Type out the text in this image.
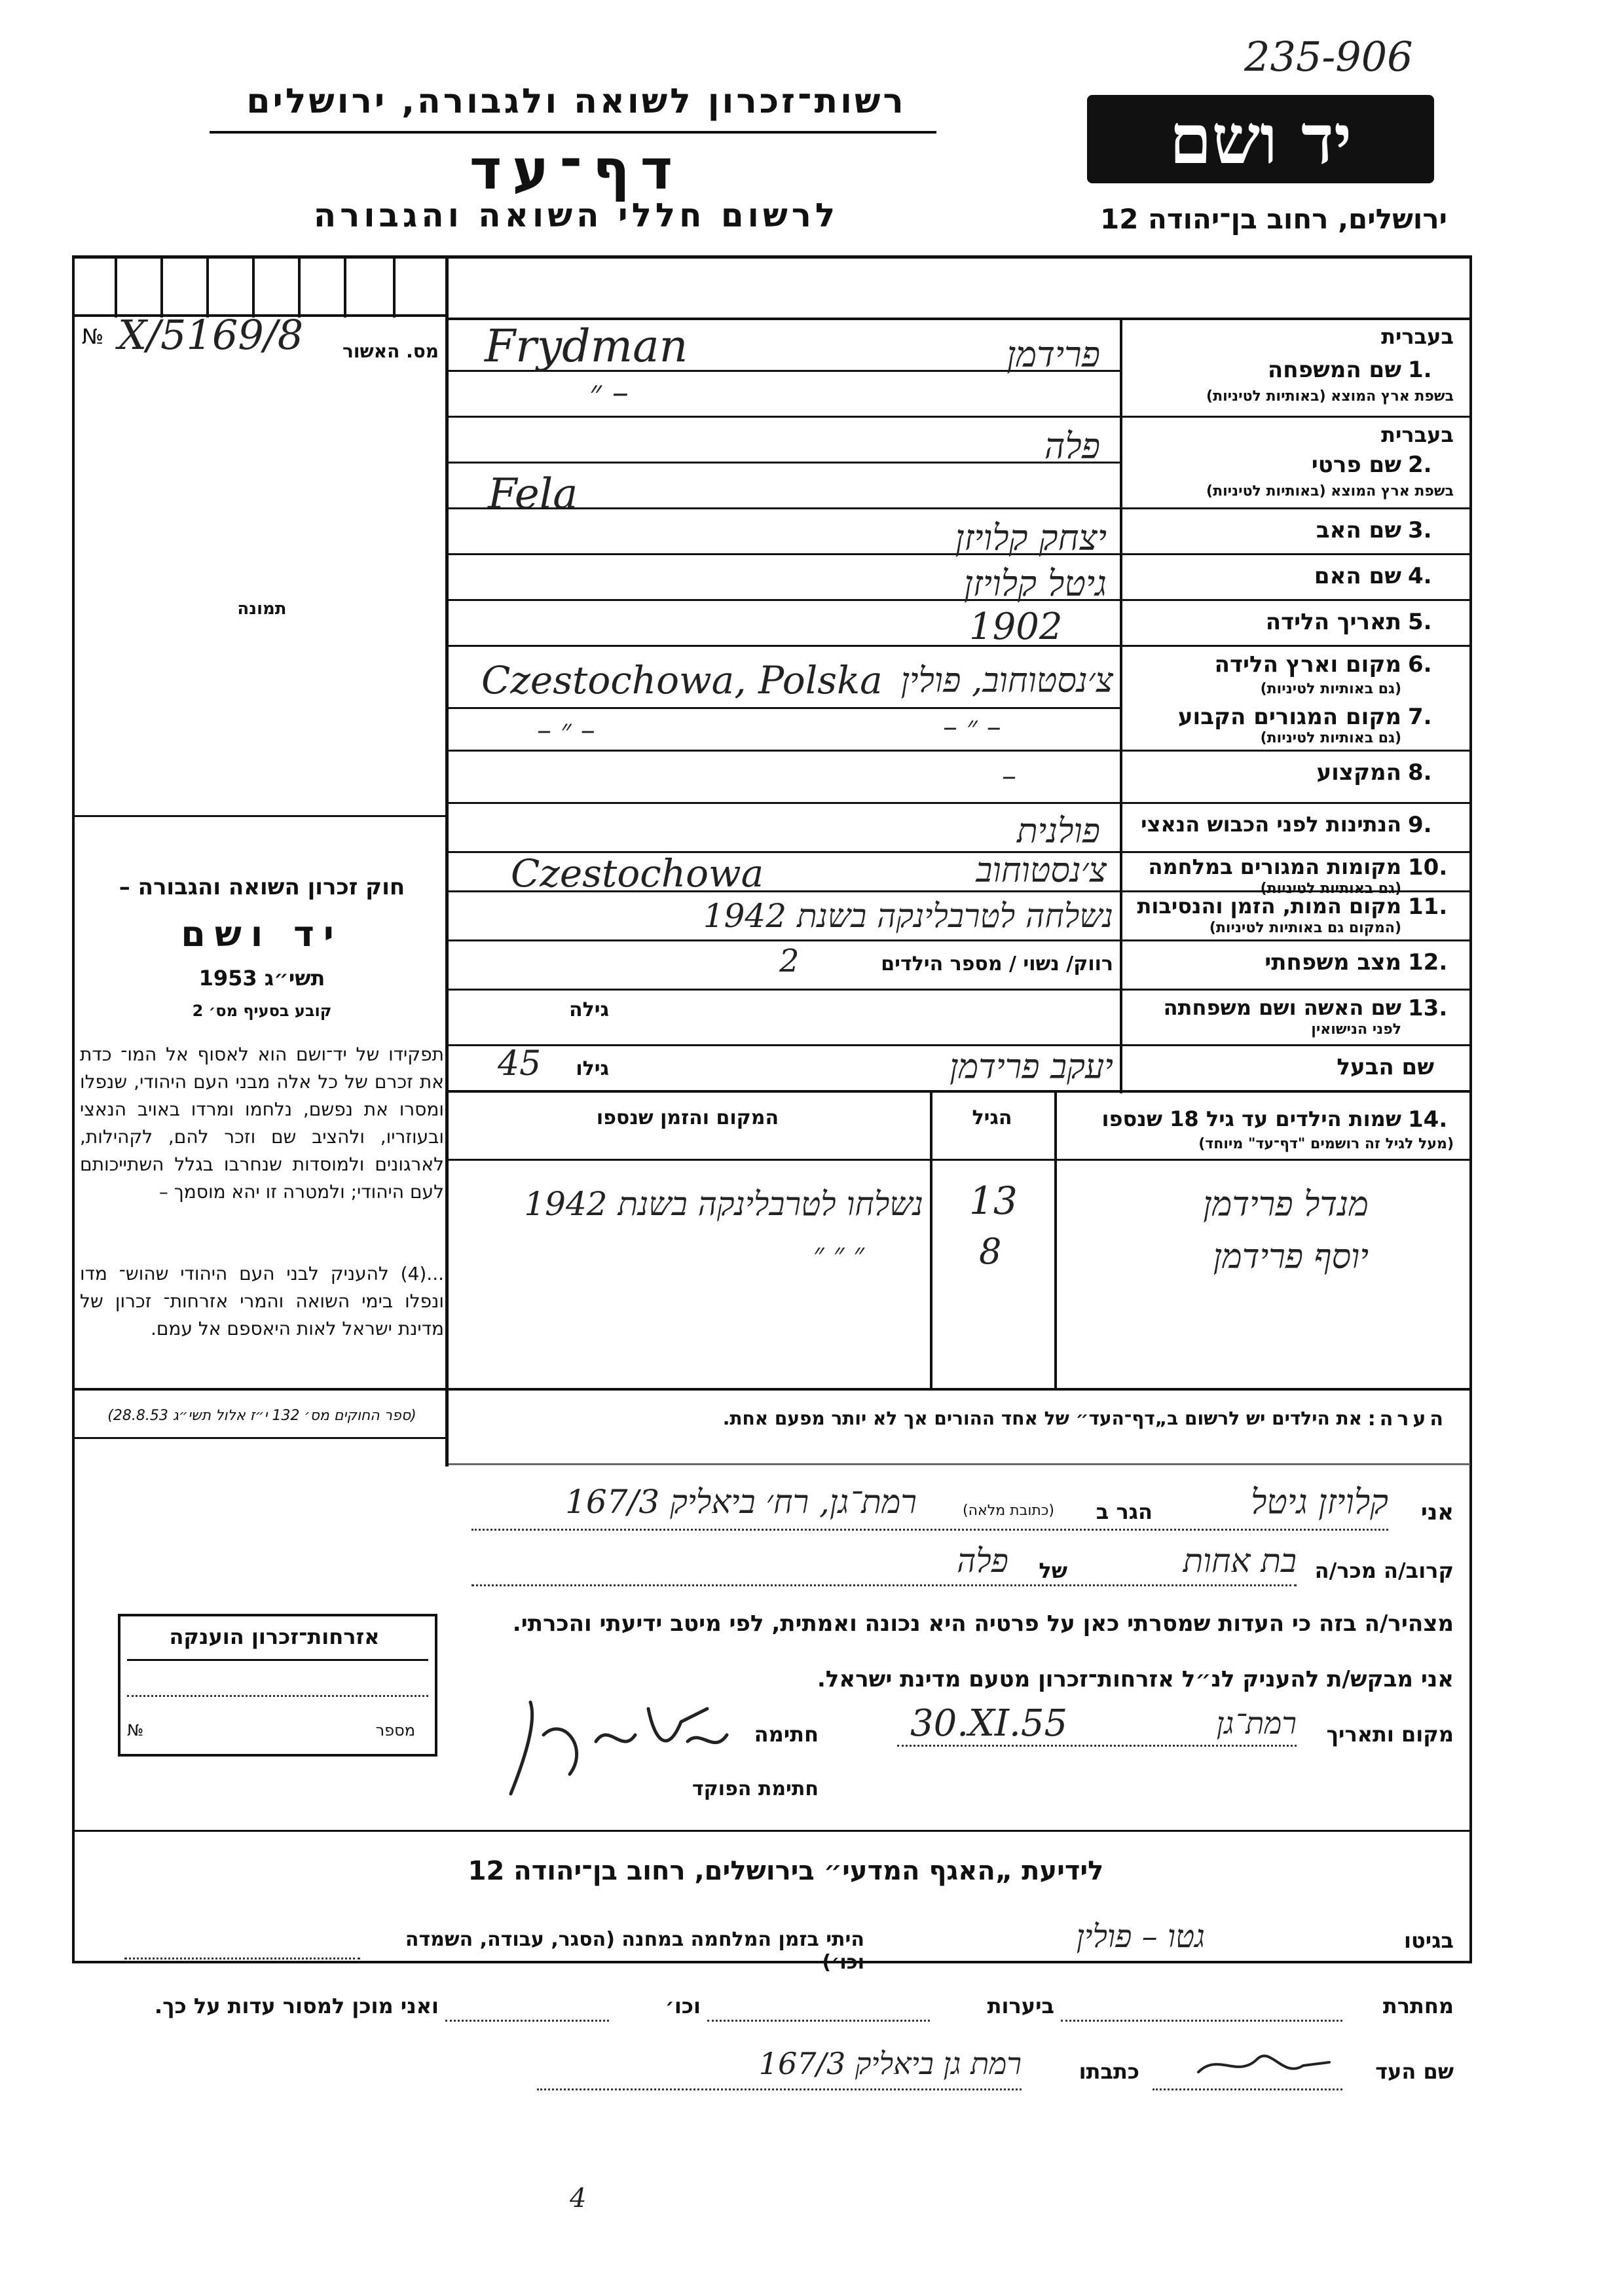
235-906
רשות־זכרון לשואה ולגבורה, ירושלים
דף־עד
לרשום חללי השואה והגבורה
יד ושם
ירושלים, רחוב בן־יהודה 12
№ X/5169/8	מס. האשור
תמונה
חוק זכרון השואה והגבורה –
יד ושם
תשי״ג 1953
קובע בסעיף מס׳ 2
תפקידו של יד־ושם הוא לאסוף אל המו־ כדת את זכרם של כל אלה מבני העם היהודי, שנפלו ומסרו את נפשם, נלחמו ומרדו באויב הנאצי ובעוזריו, ולהציב שם וזכר להם, לקהילות, לארגונים ולמוסדות שנחרבו בגלל השתייכותם לעם היהודי; ולמטרה זו יהא מוסמך –
...(4) להעניק לבני העם היהודי שהוש־ מדו ונפלו בימי השואה והמרי אזרחות־ זכרון של מדינת ישראל לאות היאספם אל עמם.
(ספר החוקים מס׳ 132 י״ז אלול תשי״ג 28.8.53)
בעברית
שם המשפחה 1.
בשפת ארץ המוצא (באותיות לטיניות)
פרידמן
Frydman
״ –
בעברית
שם פרטי 2.
בשפת ארץ המוצא (באותיות לטיניות)
פלה
Fela
שם האב 3.
יצחק קלויזן
שם האם 4.
גיטל קלויזן
תאריך הלידה 5.
1902
מקום וארץ הלידה 6.
(גם באותיות לטיניות)
צ׳נסטוחוב, פולין
Czestochowa, Polska
מקום המגורים הקבוע 7.
(גם באותיות לטיניות)
– ״ –
– ״ –
המקצוע 8.
–
הנתינות לפני הכבוש הנאצי 9.
פולנית
מקומות המגורים במלחמה 10.
(גם באותיות לטיניות)
צ׳נסטוחוב
Czestochowa
מקום המות, הזמן והנסיבות 11.
(המקום גם באותיות לטיניות)
נשלחה לטרבלינקה בשנת 1942
מצב משפחתי 12.
רווק/ נשוי / מספר הילדים
2
שם האשה ושם משפחתה 13.
לפני הנישואין
גילה
שם הבעל
יעקב פרידמן
גילו
45
14.
שמות הילדים עד גיל 18 שנספו
(מעל לגיל זה רושמים "דף־עד" מיוחד)
הגיל
המקום והזמן שנספו
מנדל פרידמן
13
נשלחו לטרבלינקה בשנת 1942
יוסף פרידמן
8
״ ״ ״
הערה:
את הילדים יש לרשום ב„דף־העד״ של אחד ההורים אך לא יותר מפעם אחת.
אני
קלויזן גיטל
הגר ב
(כתובת מלאה)
רמת־גן, רח׳ ביאליק 167/3
קרוב/ה מכר/ה
בת אחות
של
פלה
מצהיר/ה בזה כי העדות שמסרתי כאן על פרטיה היא נכונה ואמתית, לפי מיטב ידיעתי והכרתי.
אני מבקש/ת להעניק לנ״ל אזרחות־זכרון מטעם מדינת ישראל.
מקום ותאריך
רמת־גן
30.XI.55
חתימה
חתימת הפוקד
אזרחות־זכרון הוענקה
№	מספר
לידיעת „האגף המדעי״ בירושלים, רחוב בן־יהודה 12
בגיטו
גטו – פולין
היתי בזמן המלחמה במחנה (הסגר, עבודה, השמדה וכו׳)
מחתרת
ביערות
וכו׳
ואני מוכן למסור עדות על כך.
שם העד
כתבתו
רמת גן ביאליק 167/3
4
